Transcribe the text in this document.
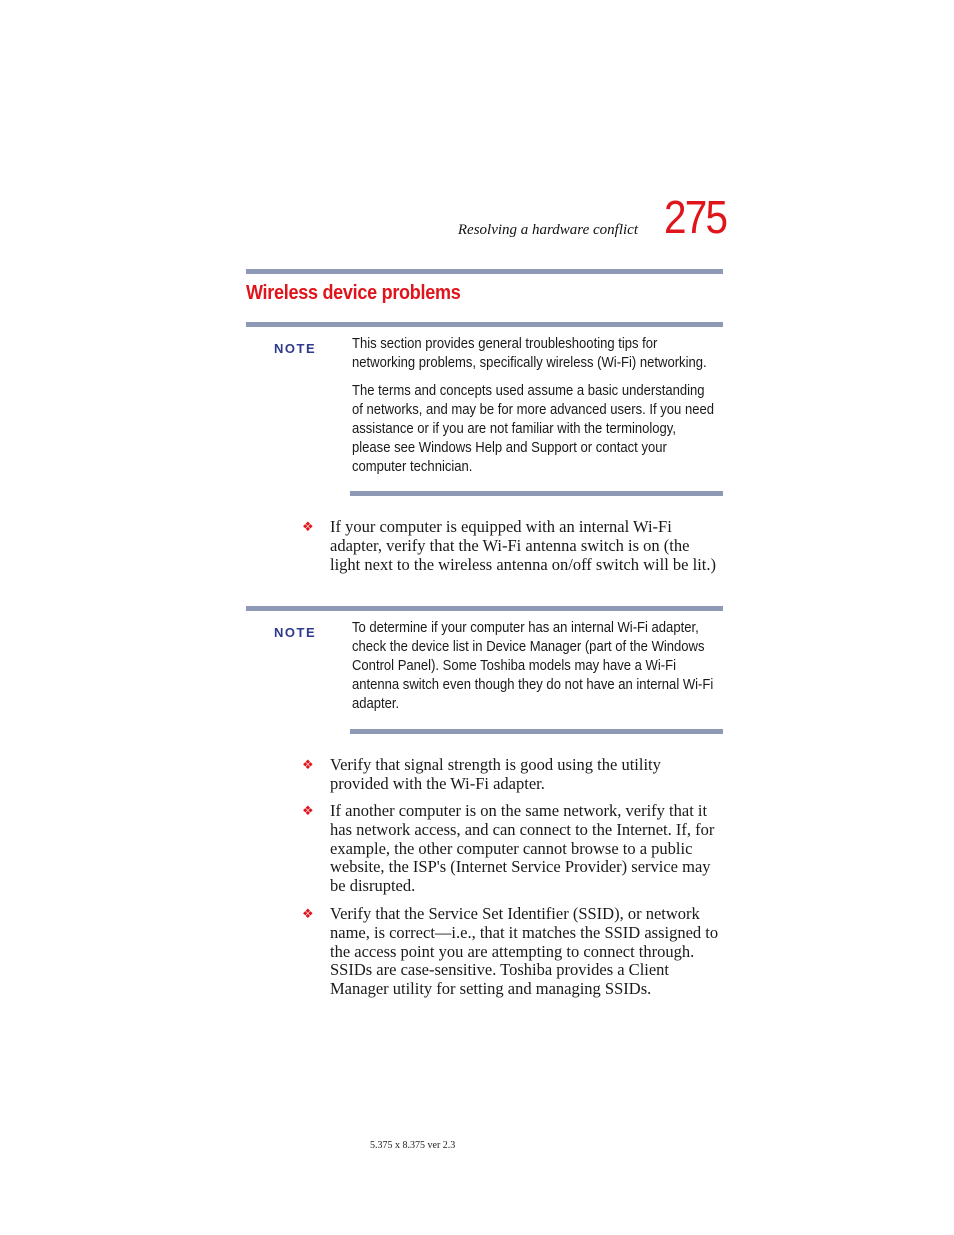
Resolving a hardware conflict 275
Wireless device problems
NOTE This section provides general troubleshooting tips for networking problems, specifically wireless (Wi-Fi) networking.

The terms and concepts used assume a basic understanding of networks, and may be for more advanced users. If you need assistance or if you are not familiar with the terminology, please see Windows Help and Support or contact your computer technician.

❖ If your computer is equipped with an internal Wi-Fi adapter, verify that the Wi-Fi antenna switch is on (the light next to the wireless antenna on/off switch will be lit.)
NOTE To determine if your computer has an internal Wi-Fi adapter, check the device list in Device Manager (part of the Windows Control Panel). Some Toshiba models may have a Wi-Fi antenna switch even though they do not have an internal Wi-Fi adapter.

❖ Verify that signal strength is good using the utility provided with the Wi-Fi adapter.
❖ If another computer is on the same network, verify that it has network access, and can connect to the Internet. If, for example, the other computer cannot browse to a public website, the ISP's (Internet Service Provider) service may be disrupted.
❖ Verify that the Service Set Identifier (SSID), or network name, is correct—i.e., that it matches the SSID assigned to the access point you are attempting to connect through. SSIDs are case-sensitive. Toshiba provides a Client Manager utility for setting and managing SSIDs.
5.375 x 8.375 ver 2.3
